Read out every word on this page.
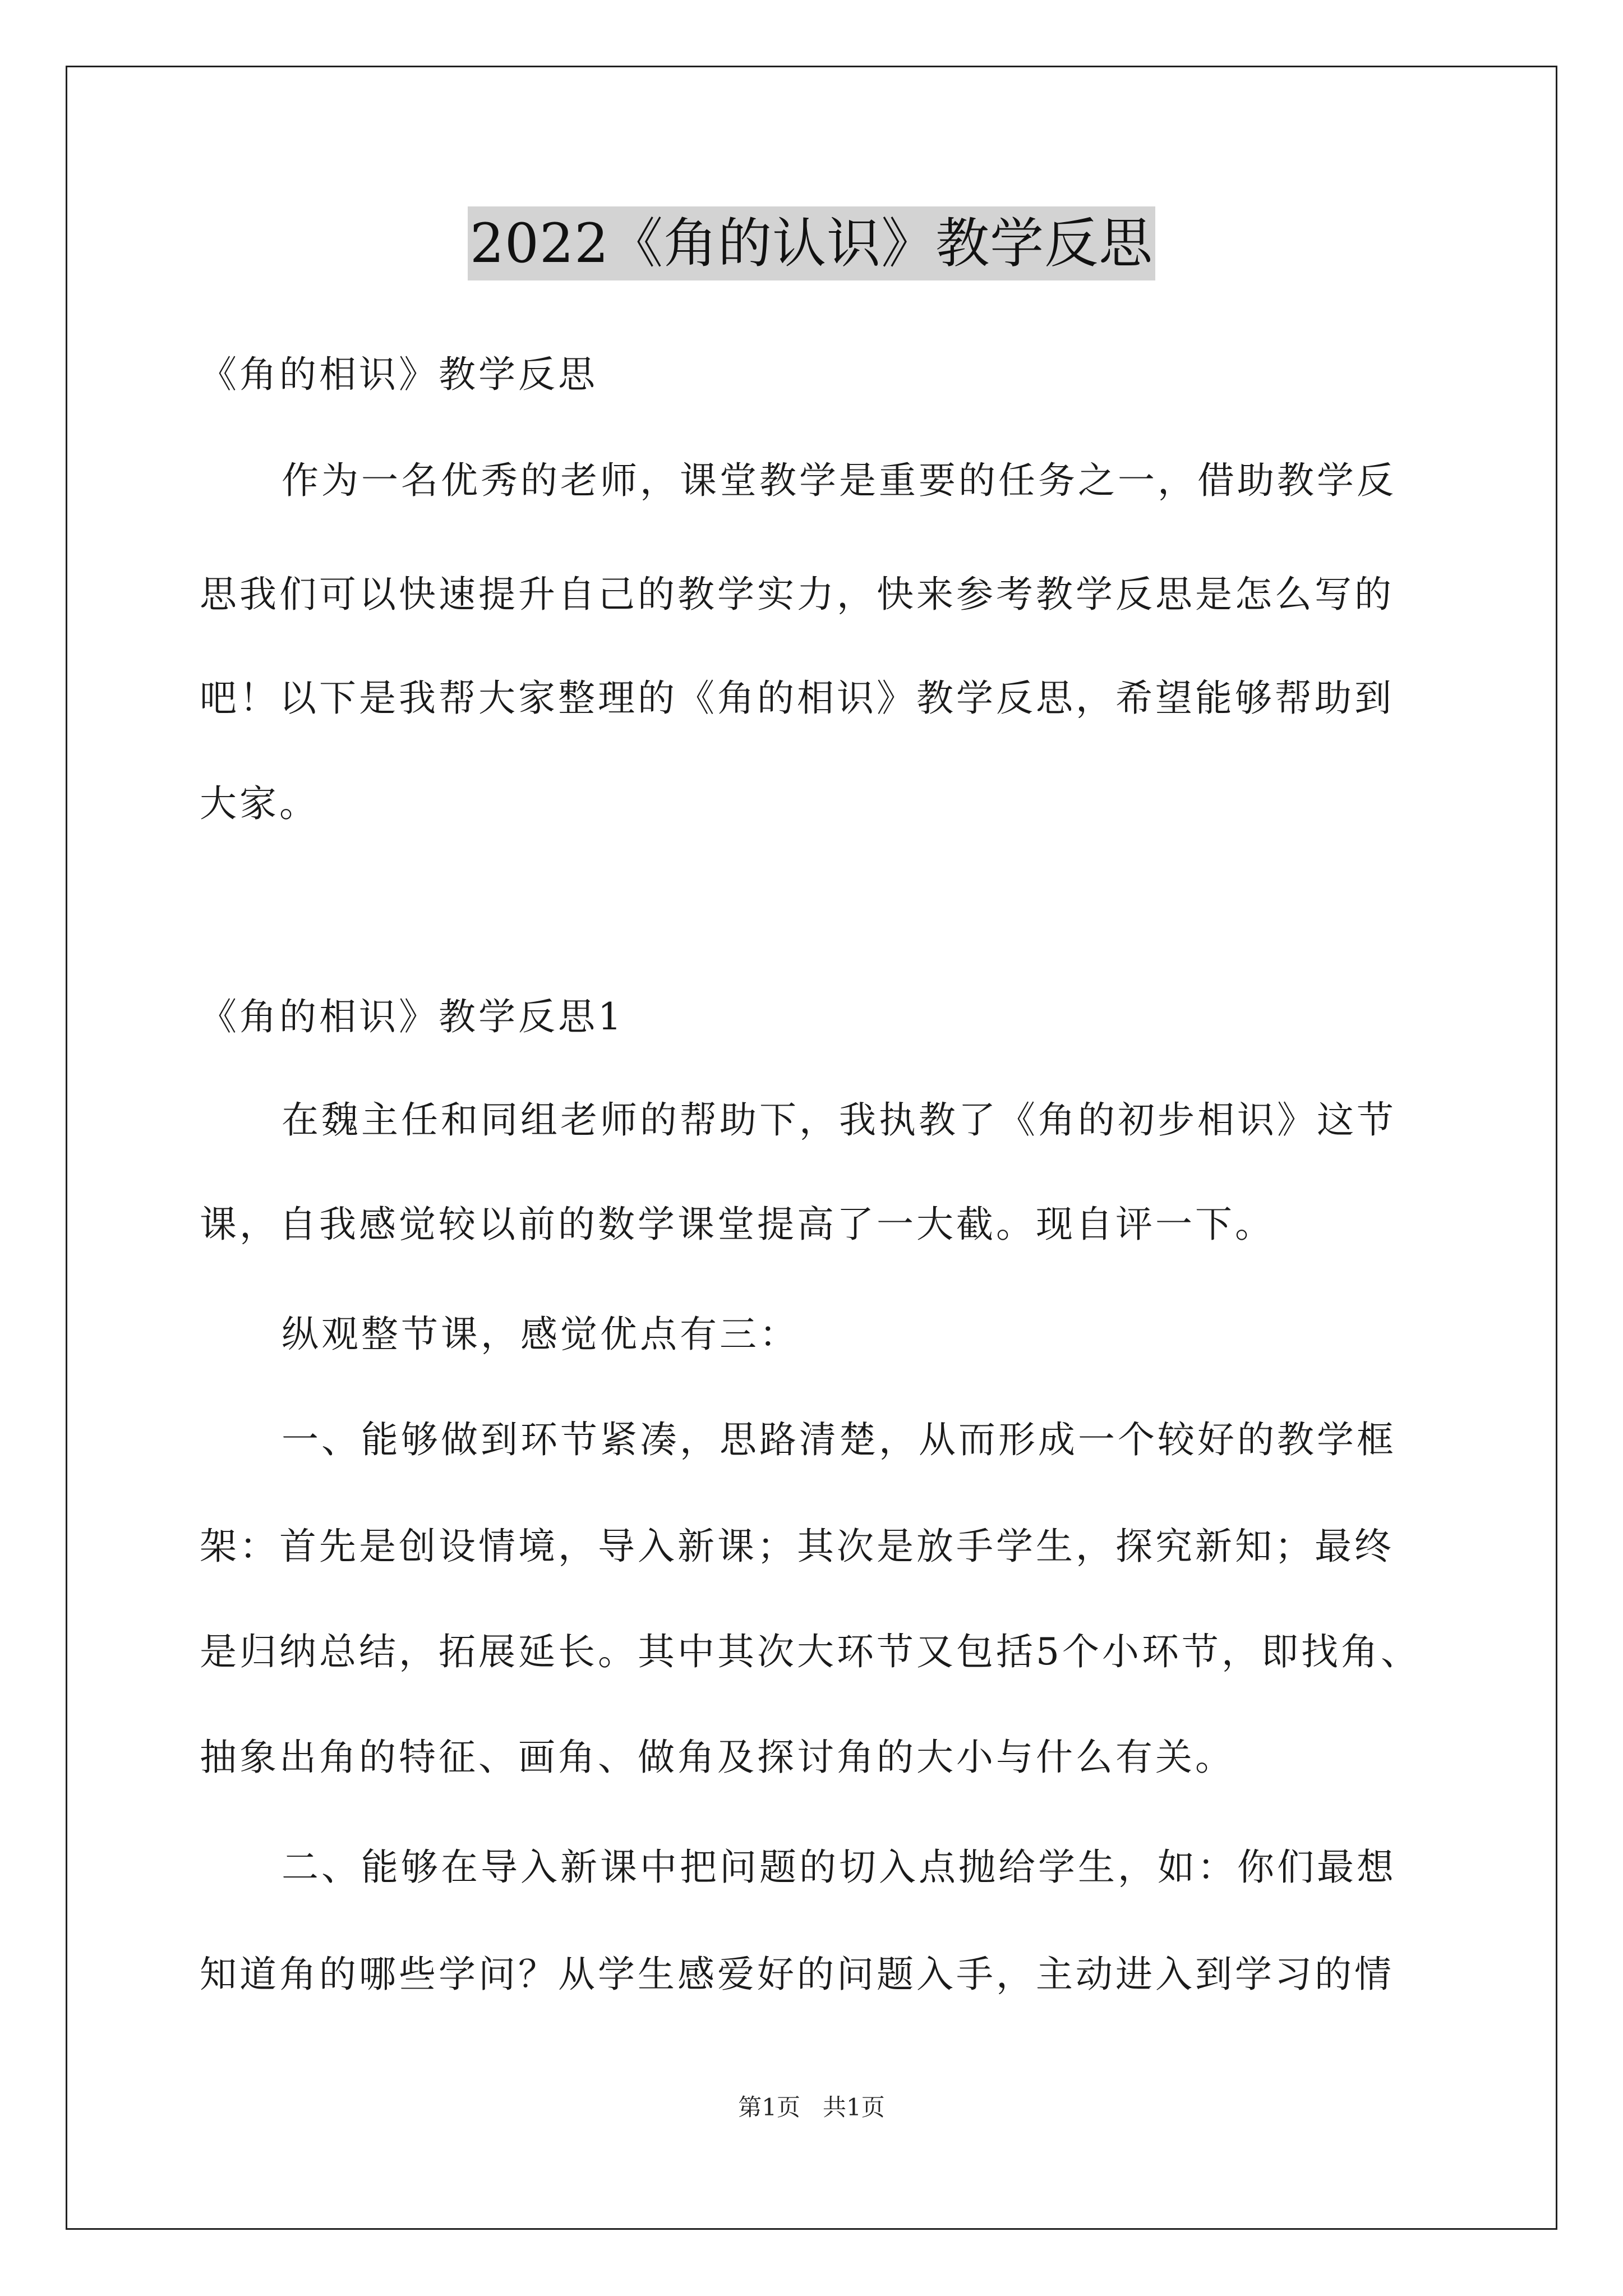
2022《角的认识》教学反思
《角的相识》教学反思
作为一名优秀的老师，课堂教学是重要的任务之一，借助教学反
思我们可以快速提升自己的教学实力，快来参考教学反思是怎么写的
吧！以下是我帮大家整理的《角的相识》教学反思，希望能够帮助到
大家。
《角的相识》教学反思1
在魏主任和同组老师的帮助下，我执教了《角的初步相识》这节
课，自我感觉较以前的数学课堂提高了一大截。现自评一下。
纵观整节课，感觉优点有三：
一、能够做到环节紧凑，思路清楚，从而形成一个较好的教学框
架：首先是创设情境，导入新课；其次是放手学生，探究新知；最终
是归纳总结，拓展延长。其中其次大环节又包括5个小环节，即找角、
抽象出角的特征、画角、做角及探讨角的大小与什么有关。
二、能够在导入新课中把问题的切入点抛给学生，如：你们最想
知道角的哪些学问？从学生感爱好的问题入手，主动进入到学习的情
第1页   共1页
